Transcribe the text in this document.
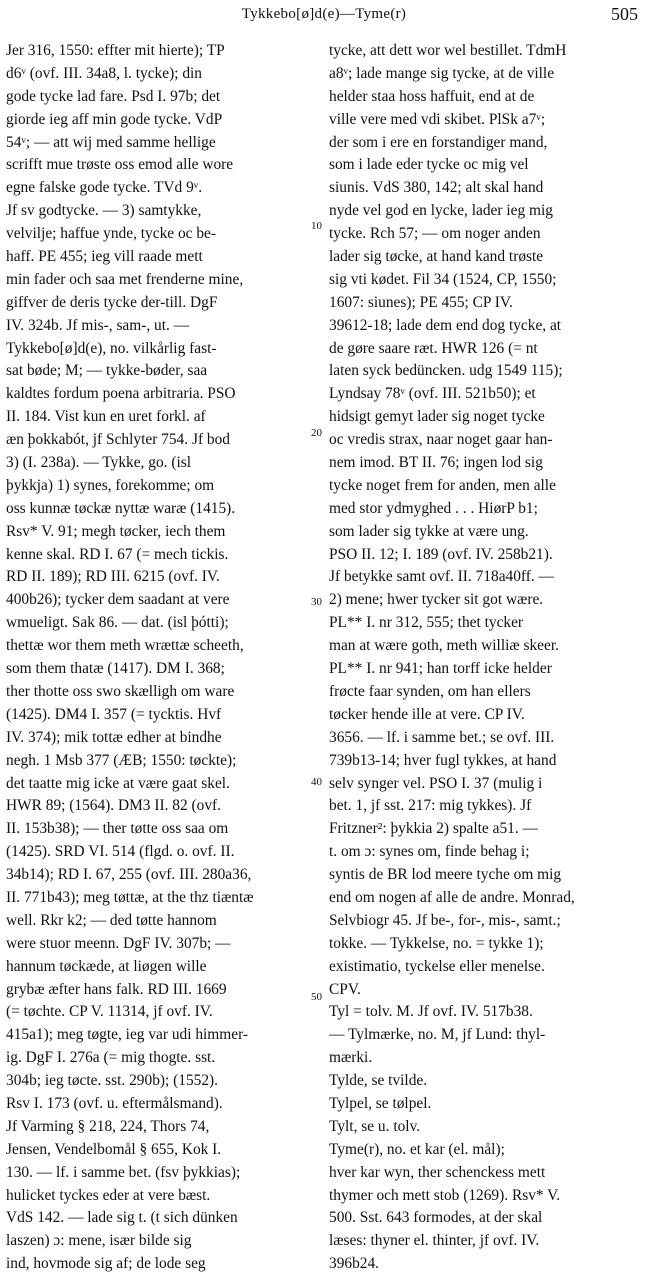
Tykkebo[ø]d(e)—Tyme(r)	505
Jer 316, 1550: effter mit hierte); TP
d6ᵛ (ovf. III. 34a8, l. tycke); din
gode tycke lad fare. Psd I. 97b; det
giorde ieg aff min gode tycke. VdP
54ᵛ; — att wij med samme hellige
scrifft mue trøste oss emod alle wore
egne falske gode tycke. TVd 9ᵛ.
Jf sv godtycke. — 3) samtykke,
velvilje; haffue ynde, tycke oc be-
haff. PE 455; ieg vill raade mett
min fader och saa met frenderne mine,
giffver de deris tycke der-till. DgF
IV. 324b. Jf mis-, sam-, ut. —
Tykkebo[ø]d(e), no. vilkårlig fast-
sat bøde; M; — tykke-bøder, saa
kaldtes fordum poena arbitraria. PSO
II. 184. Vist kun en uret forkl. af
æn þokkabót, jf Schlyter 754. Jf bod
3) (I. 238a). — Tykke, go. (isl
þykkja) 1) synes, forekomme; om
oss kunnæ tøckæ nyttæ waræ (1415).
Rsv* V. 91; megh tøcker, iech them
kenne skal. RD I. 67 (= mech tickis.
RD II. 189); RD III. 6215 (ovf. IV.
400b26); tycker dem saadant at vere
wmueligt. Sak 86. — dat. (isl þótti);
thettæ wor them meth wrættæ scheeth,
som them thatæ (1417). DM I. 368;
ther thotte oss swo skælligh om ware
(1425). DM4 I. 357 (= tycktis. Hvf
IV. 374); mik tottæ edher at bindhe
negh. 1 Msb 377 (ÆB; 1550: tøckte);
det taatte mig icke at være gaat skel.
HWR 89; (1564). DM3 II. 82 (ovf.
II. 153b38); — ther tøtte oss saa om
(1425). SRD VI. 514 (flgd. o. ovf. II.
34b14); RD I. 67, 255 (ovf. III. 280a36,
II. 771b43); meg tøttæ, at the thz tiæntæ
well. Rkr k2; — ded tøtte hannom
were stuor meenn. DgF IV. 307b; —
hannum tøckæde, at liøgen wille
grybæ æfter hans falk. RD III. 1669
(= tøchte. CP V. 11314, jf ovf. IV.
415a1); meg tøgte, ieg var udi himmer-
ig. DgF I. 276a (= mig thogte. sst.
304b; ieg tøcte. sst. 290b); (1552).
Rsv I. 173 (ovf. u. eftermålsmand).
Jf Varming § 218, 224, Thors 74,
Jensen, Vendelbomål § 655, Kok I.
130. — lf. i samme bet. (fsv þykkias);
hulicket tyckes eder at vere bæst.
VdS 142. — lade sig t. (t sich dünken
laszen) ɔ: mene, især bilde sig
ind, hovmode sig af; de lode seg
tycke, att dett wor wel bestillet. TdmH
a8ᵛ; lade mange sig tycke, at de ville
helder staa hoss haffuit, end at de
ville vere med vdi skibet. PlSk a7ᵛ;
der som i ere en forstandiger mand,
som i lade eder tycke oc mig vel
siunis. VdS 380, 142; alt skal hand
nyde vel god en lycke, lader ieg mig
tycke. Rch 57; — om noger anden
lader sig tøcke, at hand kand trøste
sig vti kødet. Fil 34 (1524, CP, 1550;
1607: siunes); PE 455; CP IV.
39612-18; lade dem end dog tycke, at
de gøre saare ræt. HWR 126 (= nt
laten syck bedüncken. udg 1549 115);
Lyndsay 78ᵛ (ovf. III. 521b50); et
hidsigt gemyt lader sig noget tycke
oc vredis strax, naar noget gaar han-
nem imod. BT II. 76; ingen lod sig
tycke noget frem for anden, men alle
med stor ydmyghed . . . HiørP b1;
som lader sig tykke at være ung.
PSO II. 12; I. 189 (ovf. IV. 258b21).
Jf betykke samt ovf. II. 718a40ff. —
2) mene; hwer tycker sit got wære.
PL** I. nr 312, 555; thet tycker
man at wære goth, meth williæ skeer.
PL** I. nr 941; han torff icke helder
frøcte faar synden, om han ellers
tøcker hende ille at vere. CP IV.
3656. — lf. i samme bet.; se ovf. III.
739b13-14; hver fugl tykkes, at hand
selv synger vel. PSO I. 37 (mulig i
bet. 1, jf sst. 217: mig tykkes). Jf
Fritzner²: þykkia 2) spalte a51. —
t. om ɔ: synes om, finde behag i;
syntis de BR lod meere tyche om mig
end om nogen af alle de andre. Monrad,
Selvbiogr 45. Jf be-, for-, mis-, samt.;
tokke. — Tykkelse, no. = tykke 1);
existimatio, tyckelse eller menelse.
CPV.
Tyl = tolv. M. Jf ovf. IV. 517b38.
— Tylmærke, no. M, jf Lund: thyl-
mærki.
Tylde, se tvilde.
Tylpel, se tølpel.
Tylt, se u. tolv.
Tyme(r), no. et kar (el. mål);
hver kar wyn, ther schenckess mett
thymer och mett stob (1269). Rsv* V.
500. Sst. 643 formodes, at der skal
læses: thyner el. thinter, jf ovf. IV.
396b24.
10
20
30
40
50
